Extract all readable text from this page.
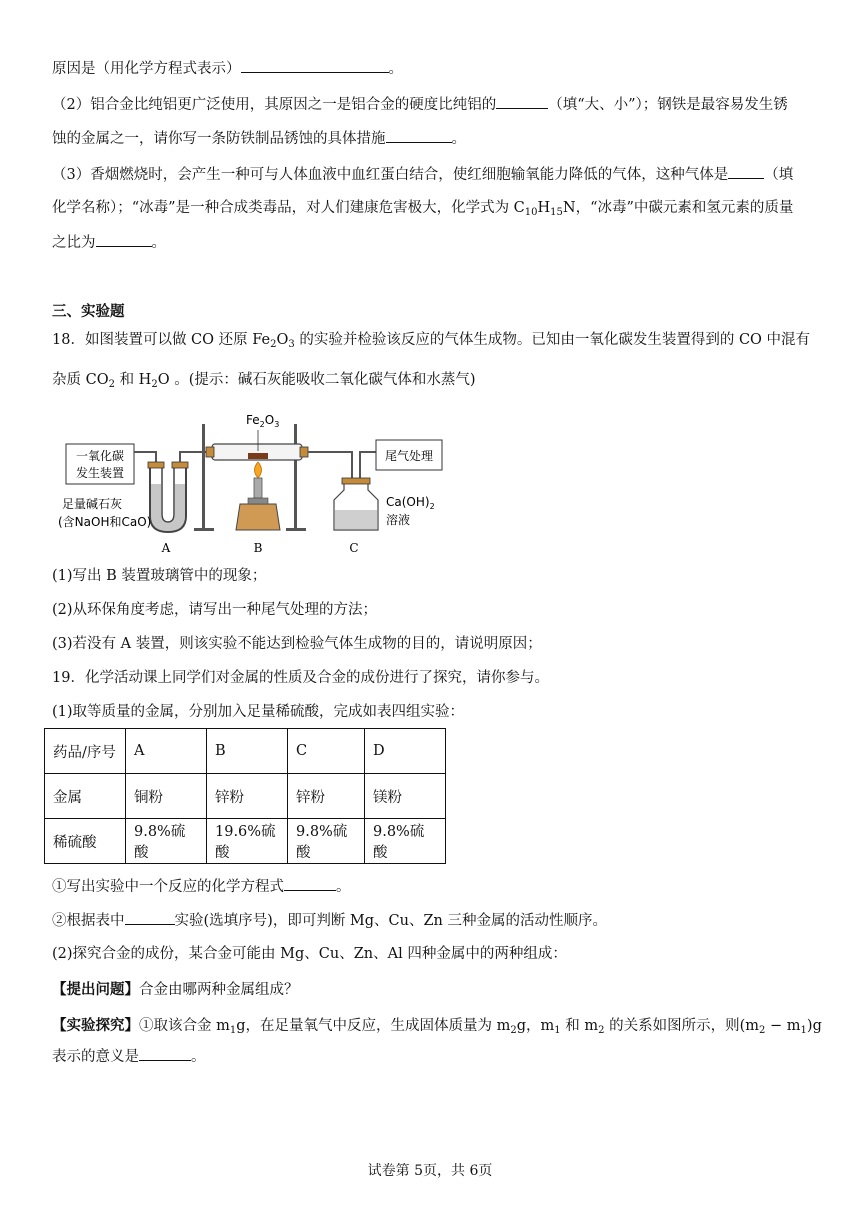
原因是（用化学方程式表示）	。
（2）铝合金比纯铝更广泛使用，其原因之一是铝合金的硬度比纯铝的	（填“大、小”）；钢铁是最容易发生锈
蚀的金属之一，请你写一条防铁制品锈蚀的具体措施	。
（3）香烟燃烧时，会产生一种可与人体血液中血红蛋白结合，使红细胞输氧能力降低的气体，这种气体是 （填
化学名称）；“冰毒”是一种合成类毒品，对人们建康危害极大，化学式为 $C_{10}H_{15}N$，“冰毒”中碳元素和氢元素的质量
之比为	。
三、实验题
18．如图装置可以做 CO 还原 $Fe_2O_3$ 的实验并检验该反应的气体生成物。已知由一氧化碳发生装置得到的 CO 中混有
杂质 $CO_2$ 和 $H_2O$ 。(提示：碱石灰能吸收二氧化碳气体和水蒸气)
一氧化碳
发生装置
足量碱石灰
(含NaOH和CaO)
$Fe_2O_3$
尾气处理
$Ca(OH)_2$
溶液
A	B	C
(1)写出 B 装置玻璃管中的现象；
(2)从环保角度考虑，请写出一种尾气处理的方法；
(3)若没有 A 装置，则该实验不能达到检验气体生成物的目的，请说明原因；
19．化学活动课上同学们对金属的性质及合金的成份进行了探究，请你参与。
(1)取等质量的金属，分别加入足量稀硫酸，完成如表四组实验：
药品/序号	A	B	C	D
金属	铜粉	锌粉	锌粉	镁粉
稀硫酸	9.8%硫酸	19.6%硫酸	9.8%硫酸	9.8%硫酸
①写出实验中一个反应的化学方程式	。
②根据表中	实验(选填序号)，即可判断 Mg、Cu、Zn 三种金属的活动性顺序。
(2)探究合金的成份，某合金可能由 Mg、Cu、Zn、Al 四种金属中的两种组成：
【提出问题】合金由哪两种金属组成？
【实验探究】①取该合金 $m_1g$，在足量氧气中反应，生成固体质量为 $m_2g$，$m_1$ 和 $m_2$ 的关系如图所示，则$(m_2 - m_1)g$
表示的意义是	。
试卷第 5页，共 6页
